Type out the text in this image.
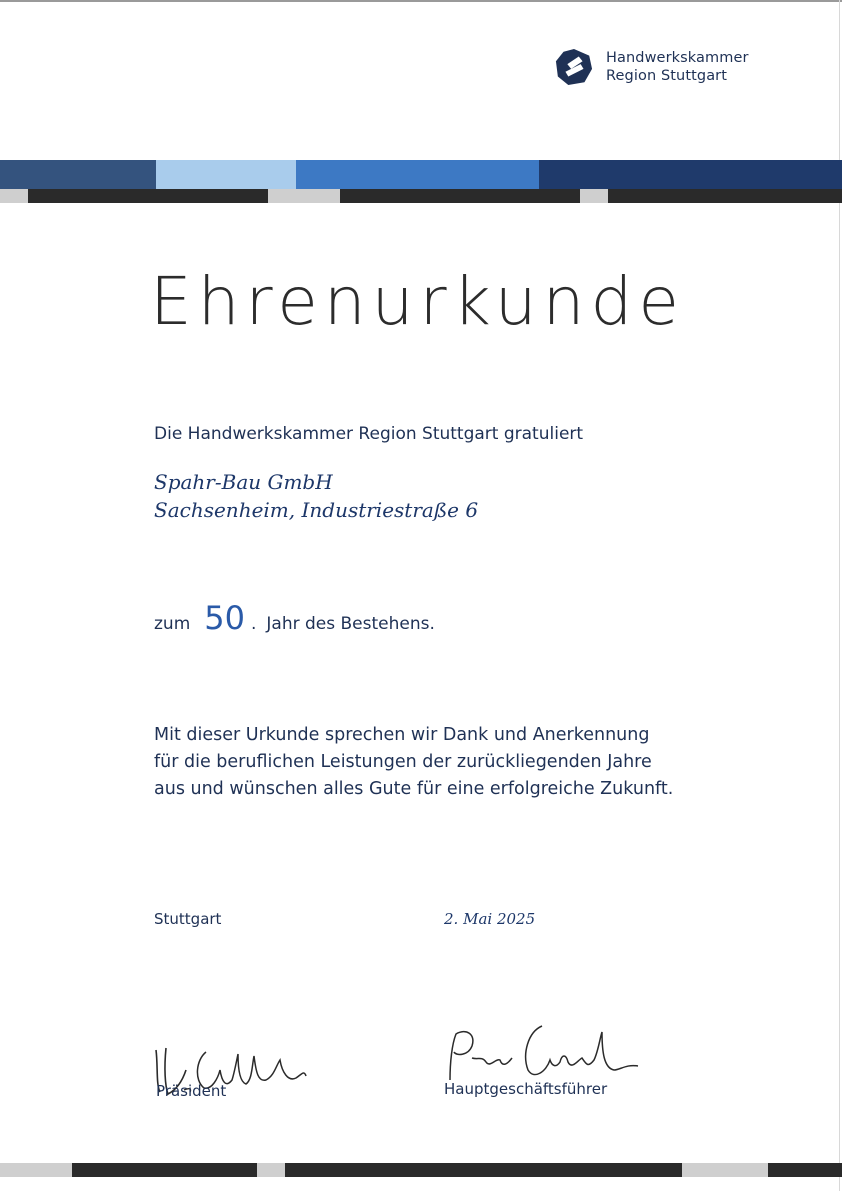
Handwerkskammer
Region Stuttgart
Ehrenurkunde
Die Handwerkskammer Region Stuttgart gratuliert
Spahr-Bau GmbH
Sachsenheim, Industriestraße 6
zum 50 . Jahr des Bestehens.
Mit dieser Urkunde sprechen wir Dank und Anerkennung
für die beruflichen Leistungen der zurückliegenden Jahre
aus und wünschen alles Gute für eine erfolgreiche Zukunft.
Stuttgart	2. Mai 2025
Präsident	Hauptgeschäftsführer
